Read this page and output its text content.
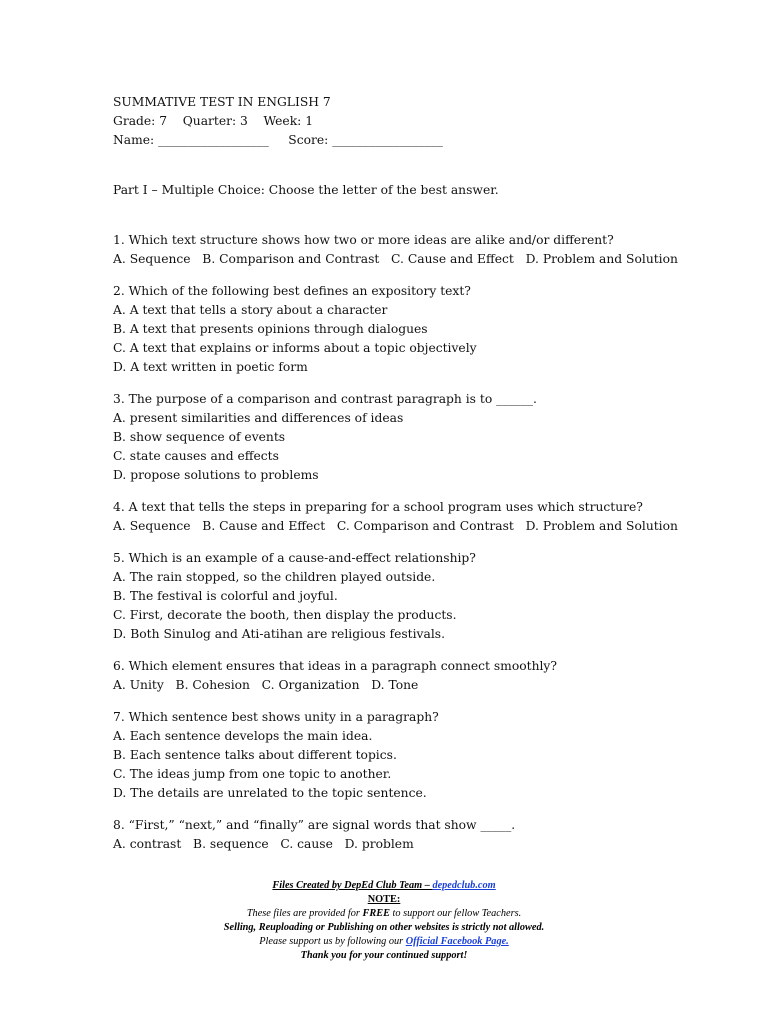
SUMMATIVE TEST IN ENGLISH 7
Grade: 7    Quarter: 3    Week: 1
Name: __________________     Score: __________________
Part I – Multiple Choice: Choose the letter of the best answer.
1. Which text structure shows how two or more ideas are alike and/or different?
A. Sequence   B. Comparison and Contrast   C. Cause and Effect   D. Problem and Solution
2. Which of the following best defines an expository text?
A. A text that tells a story about a character
B. A text that presents opinions through dialogues
C. A text that explains or informs about a topic objectively
D. A text written in poetic form
3. The purpose of a comparison and contrast paragraph is to ______.
A. present similarities and differences of ideas
B. show sequence of events
C. state causes and effects
D. propose solutions to problems
4. A text that tells the steps in preparing for a school program uses which structure?
A. Sequence   B. Cause and Effect   C. Comparison and Contrast   D. Problem and Solution
5. Which is an example of a cause-and-effect relationship?
A. The rain stopped, so the children played outside.
B. The festival is colorful and joyful.
C. First, decorate the booth, then display the products.
D. Both Sinulog and Ati-atihan are religious festivals.
6. Which element ensures that ideas in a paragraph connect smoothly?
A. Unity   B. Cohesion   C. Organization   D. Tone
7. Which sentence best shows unity in a paragraph?
A. Each sentence develops the main idea.
B. Each sentence talks about different topics.
C. The ideas jump from one topic to another.
D. The details are unrelated to the topic sentence.
8. “First,” “next,” and “finally” are signal words that show _____.
A. contrast   B. sequence   C. cause   D. problem
Files Created by DepEd Club Team – depedclub.com
NOTE:
These files are provided for FREE to support our fellow Teachers.
Selling, Reuploading or Publishing on other websites is strictly not allowed.
Please support us by following our Official Facebook Page.
Thank you for your continued support!
